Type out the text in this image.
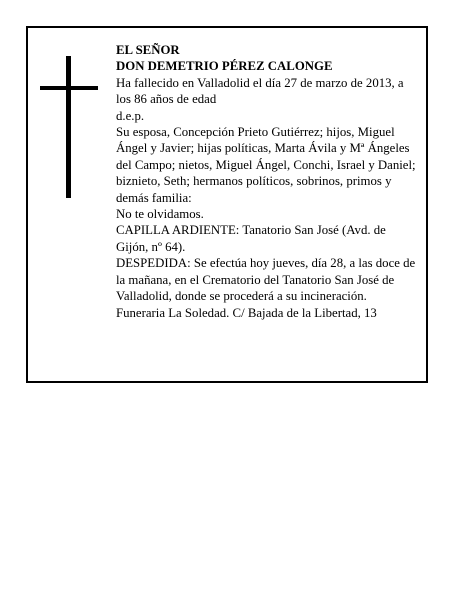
EL SEÑOR

DON DEMETRIO PÉREZ CALONGE

Ha fallecido en Valladolid el día 27 de marzo de 2013, a los 86 años de edad

d.e.p.

Su esposa, Concepción Prieto Gutiérrez; hijos, Miguel Ángel y Javier; hijas políticas, Marta Ávila y Mª Ángeles del Campo; nietos, Miguel Ángel, Conchi, Israel y Daniel; biznieto, Seth; hermanos políticos, sobrinos, primos y demás familia:

No te olvidamos.

CAPILLA ARDIENTE: Tanatorio San José (Avd. de Gijón, nº 64).

DESPEDIDA: Se efectúa hoy jueves, día 28, a las doce de la mañana, en el Crematorio del Tanatorio San José de Valladolid, donde se procederá a su incineración.

Funeraria La Soledad. C/ Bajada de la Libertad, 13
